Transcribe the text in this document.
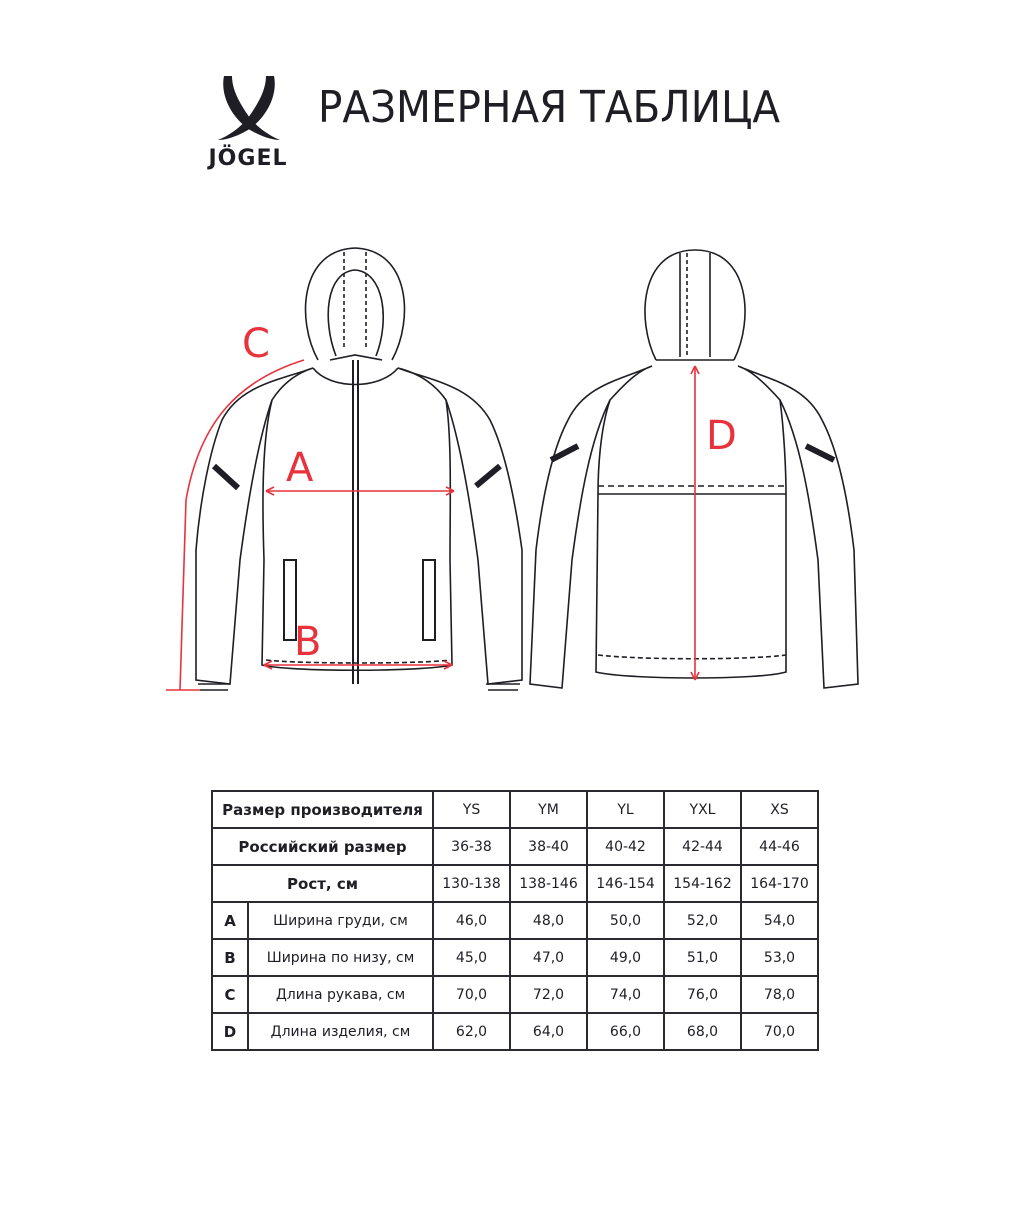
JÖGEL
РАЗМЕРНАЯ ТАБЛИЦА
C
A
B
D
Размер производителя		YS	YM	YL	YXL	XS
Российский размер		36-38	38-40	40-42	42-44	44-46
Рост, см		130-138	138-146	146-154	154-162	164-170
A	Ширина груди, см	46,0	48,0	50,0	52,0	54,0
B	Ширина по низу, см	45,0	47,0	49,0	51,0	53,0
C	Длина рукава, см	70,0	72,0	74,0	76,0	78,0
D	Длина изделия, см	62,0	64,0	66,0	68,0	70,0
